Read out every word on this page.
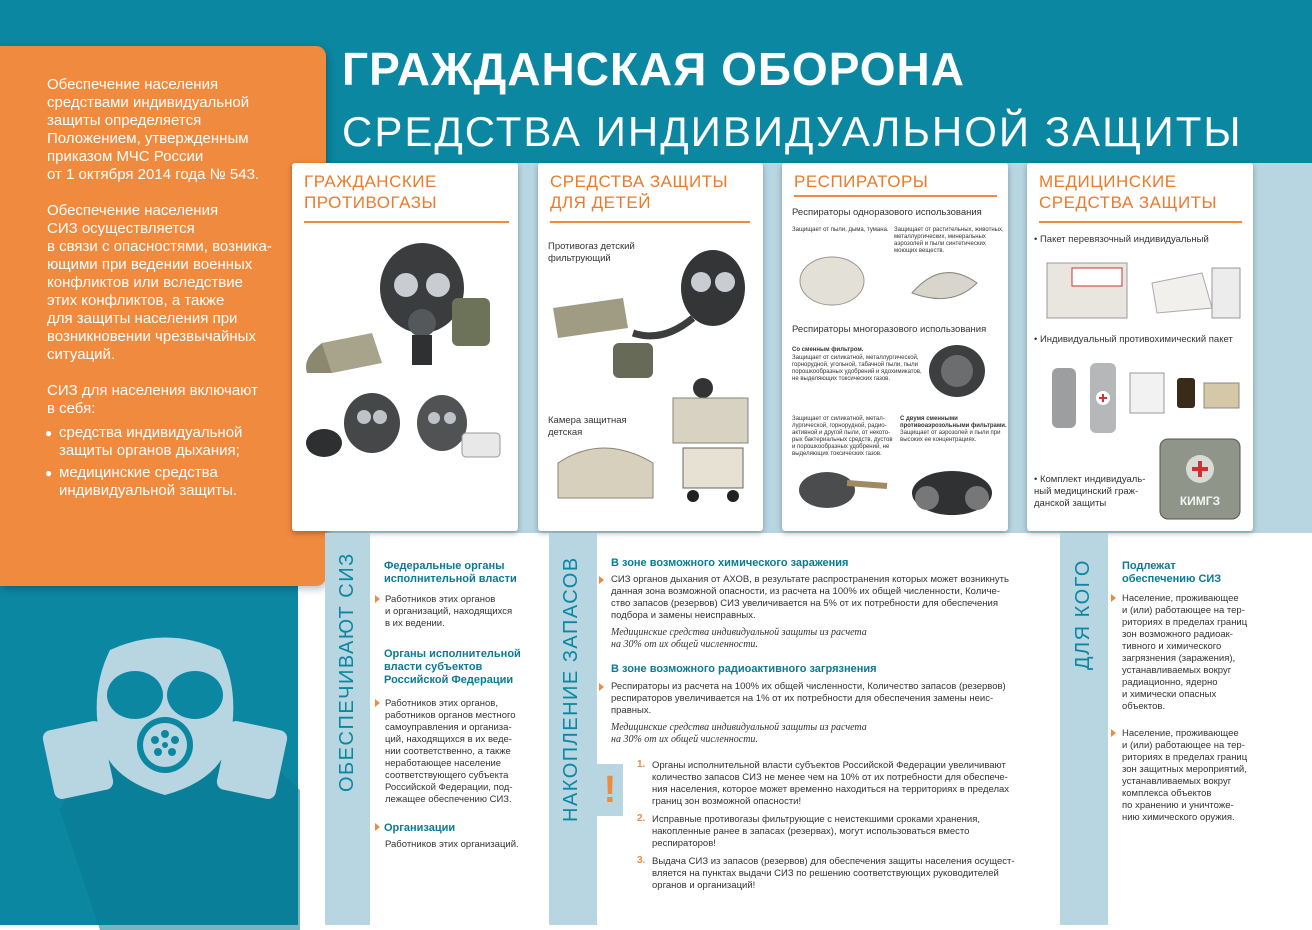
Обеспечение населения
средствами индивидуальной
защиты определяется
Положением, утвержденным
приказом МЧС России
от 1 октября 2014 года № 543.

Обеспечение населения
СИЗ осуществляется
в связи с опасностями, возника-
ющими при ведении военных
конфликтов или вследствие
этих конфликтов, а также
для защиты населения при
возникновении чрезвычайных
ситуаций.

СИЗ для населения включают
в себя:

● средства индивидуальной
защиты органов дыхания;
● медицинские средства
индивидуальной защиты.
ГРАЖДАНСКАЯ ОБОРОНА
СРЕДСТВА ИНДИВИДУАЛЬНОЙ ЗАЩИТЫ
ГРАЖДАНСКИЕ
ПРОТИВОГАЗЫ
СРЕДСТВА ЗАЩИТЫ
ДЛЯ ДЕТЕЙ
Противогаз детский
фильтрующий
Камера защитная
детская
РЕСПИРАТОРЫ
Респираторы одноразового использования
Защищает от пыли, дыма, тумана. Защищает от растительных, животных,
металлургических, минеральных
аэрозолей и пыли синтетических
моющих веществ.
Респираторы многоразового использования
Со сменным фильтром.
Защищает от силикатной, металлургической,
горнорудной, угольной, табачной пыли, пыли
порошкообразных удобрений и ядохимикатов,
не выделяющих токсических газов.
Защищает от силикатной, метал-
лургической, горнорудной, радио-
активной и другой пыли, от некото-
рых бактериальных средств, дустов
и порошкообразных удобрений, не
выделяющих токсических газов.
С двумя сменными
противоаэрозольными фильтрами.
Защищает от аэрозолей и пыли при
высоких ее концентрациях.
МЕДИЦИНСКИЕ
СРЕДСТВА ЗАЩИТЫ
• Пакет перевязочный индивидуальный
• Индивидуальный противохимический пакет
• Комплект индивидуаль-
ный медицинский граж-
данской защиты	КИМГЗ
ОБЕСПЕЧИВАЮТ СИЗ Федеральные органы
исполнительной власти
Работников этих органов
и организаций, находящихся
в их ведении.
Органы исполнительной
власти субъектов
Российской Федерации
Работников этих органов,
работников органов местного
самоуправления и организа-
ций, находящихся в их веде-
нии соответственно, а также
неработающее население
соответствующего субъекта
Российской Федерации, под-
лежащее обеспечению СИЗ.
Организации
Работников этих организаций.
НАКОПЛЕНИЕ ЗАПАСОВ	В зоне возможного химического заражения
СИЗ органов дыхания от АХОВ, в результате распространения которых может возникнуть
данная зона возможной опасности, из расчета на 100% их общей численности, Количе-
ство запасов (резервов) СИЗ увеличивается на 5% от их потребности для обеспечения
подбора и замены неисправных.
Медицинские средства индивидуальной защиты из расчета
на 30% от их общей численности.
В зоне возможного радиоактивного загрязнения
Респираторы из расчета на 100% их общей численности, Количество запасов (резервов)
респираторов увеличивается на 1% от их потребности для обеспечения замены неис-
правных.
Медицинские средства индивидуальной защиты из расчета
на 30% от их общей численности.
!
1. Органы исполнительной власти субъектов Российской Федерации увеличивают
количество запасов СИЗ не менее чем на 10% от их потребности для обеспече-
ния населения, которое может временно находиться на территориях в пределах
границ зон возможной опасности!
2. Исправные противогазы фильтрующие с неистекшими сроками хранения,
накопленные ранее в запасах (резервах), могут использоваться вместо
респираторов!
3. Выдача СИЗ из запасов (резервов) для обеспечения защиты населения осущест-
вляется на пунктах выдачи СИЗ по решению соответствующих руководителей
органов и организаций!
ДЛЯ КОГО	Подлежат
обеспечению СИЗ
Население, проживающее
и (или) работающее на тер-
риториях в пределах границ
зон возможного радиоак-
тивного и химического
загрязнения (заражения),
устанавливаемых вокруг
радиационно, ядерно
и химически опасных
объектов.
Население, проживающее
и (или) работающее на тер-
риториях в пределах границ
зон защитных мероприятий,
устанавливаемых вокруг
комплекса объектов
по хранению и уничтоже-
нию химического оружия.
